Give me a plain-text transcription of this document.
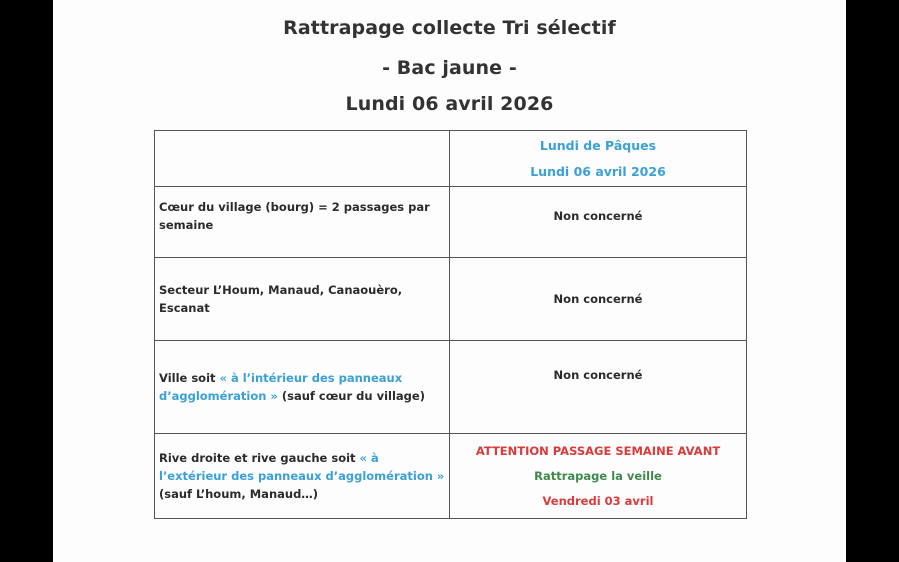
Rattrapage collecte Tri sélectif
- Bac jaune -
Lundi 06 avril 2026

	Lundi de Pâques
Lundi 06 avril 2026

Cœur du village (bourg) = 2 passages par semaine	Non concerné
Secteur L’Houm, Manaud, Canaouèro, Escanat	Non concerné
Ville soit « à l’intérieur des panneaux d’agglomération » (sauf cœur du village)	Non concerné
Rive droite et rive gauche soit « à l’extérieur des panneaux d’agglomération » (sauf L’houm, Manaud…)	ATTENTION PASSAGE SEMAINE AVANT
Rattrapage la veille
Vendredi 03 avril
